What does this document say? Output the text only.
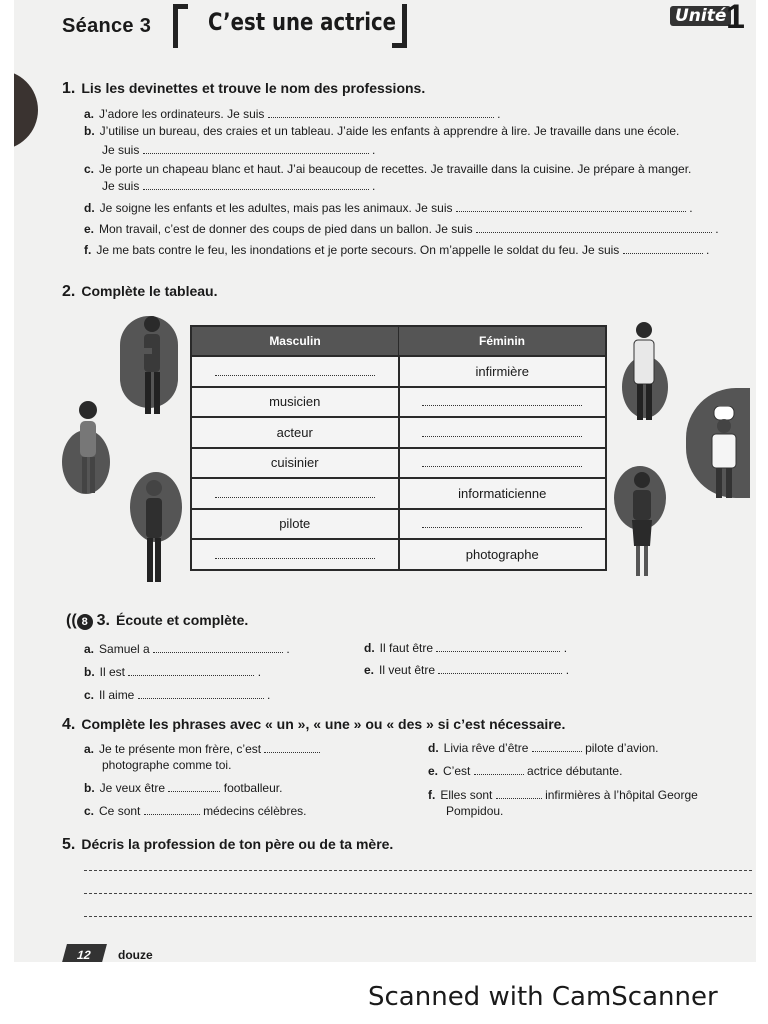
Séance 3 C’est une actrice	Unité 1
1. Lis les devinettes et trouve le nom des professions.
a. J’adore les ordinateurs. Je suis	.
b. J’utilise un bureau, des craies et un tableau. J’aide les enfants à apprendre à lire. Je travaille dans une école.
Je suis	.
c. Je porte un chapeau blanc et haut. J’ai beaucoup de recettes. Je travaille dans la cuisine. Je prépare à manger.
Je suis	.
d. Je soigne les enfants et les adultes, mais pas les animaux. Je suis	.
e. Mon travail, c’est de donner des coups de pied dans un ballon. Je suis	.
f. Je me bats contre le feu, les inondations et je porte secours. On m’appelle le soldat du feu. Je suis	.
2. Complète le tableau.
Masculin	Féminin
	infirmière
musicien	
acteur	
cuisinier	
	informaticienne
pilote	
	photographe
(( 8 3. Écoute et complète.
a. Samuel a	.
b. Il est	.
c. Il aime	.
d. Il faut être	.
e. Il veut être	.
4. Complète les phrases avec « un », « une » ou « des » si c’est nécessaire.
a. Je te présente mon frère, c’est
photographe comme toi.
b. Je veux être	footballeur.
c. Ce sont	médecins célèbres.
d. Livia rêve d’être	pilote d’avion.
e. C’est	actrice débutante.
f. Elles sont	infirmières à l’hôpital George
Pompidou.
5. Décris la profession de ton père ou de ta mère.
12	douze
Scanned with CamScanner
